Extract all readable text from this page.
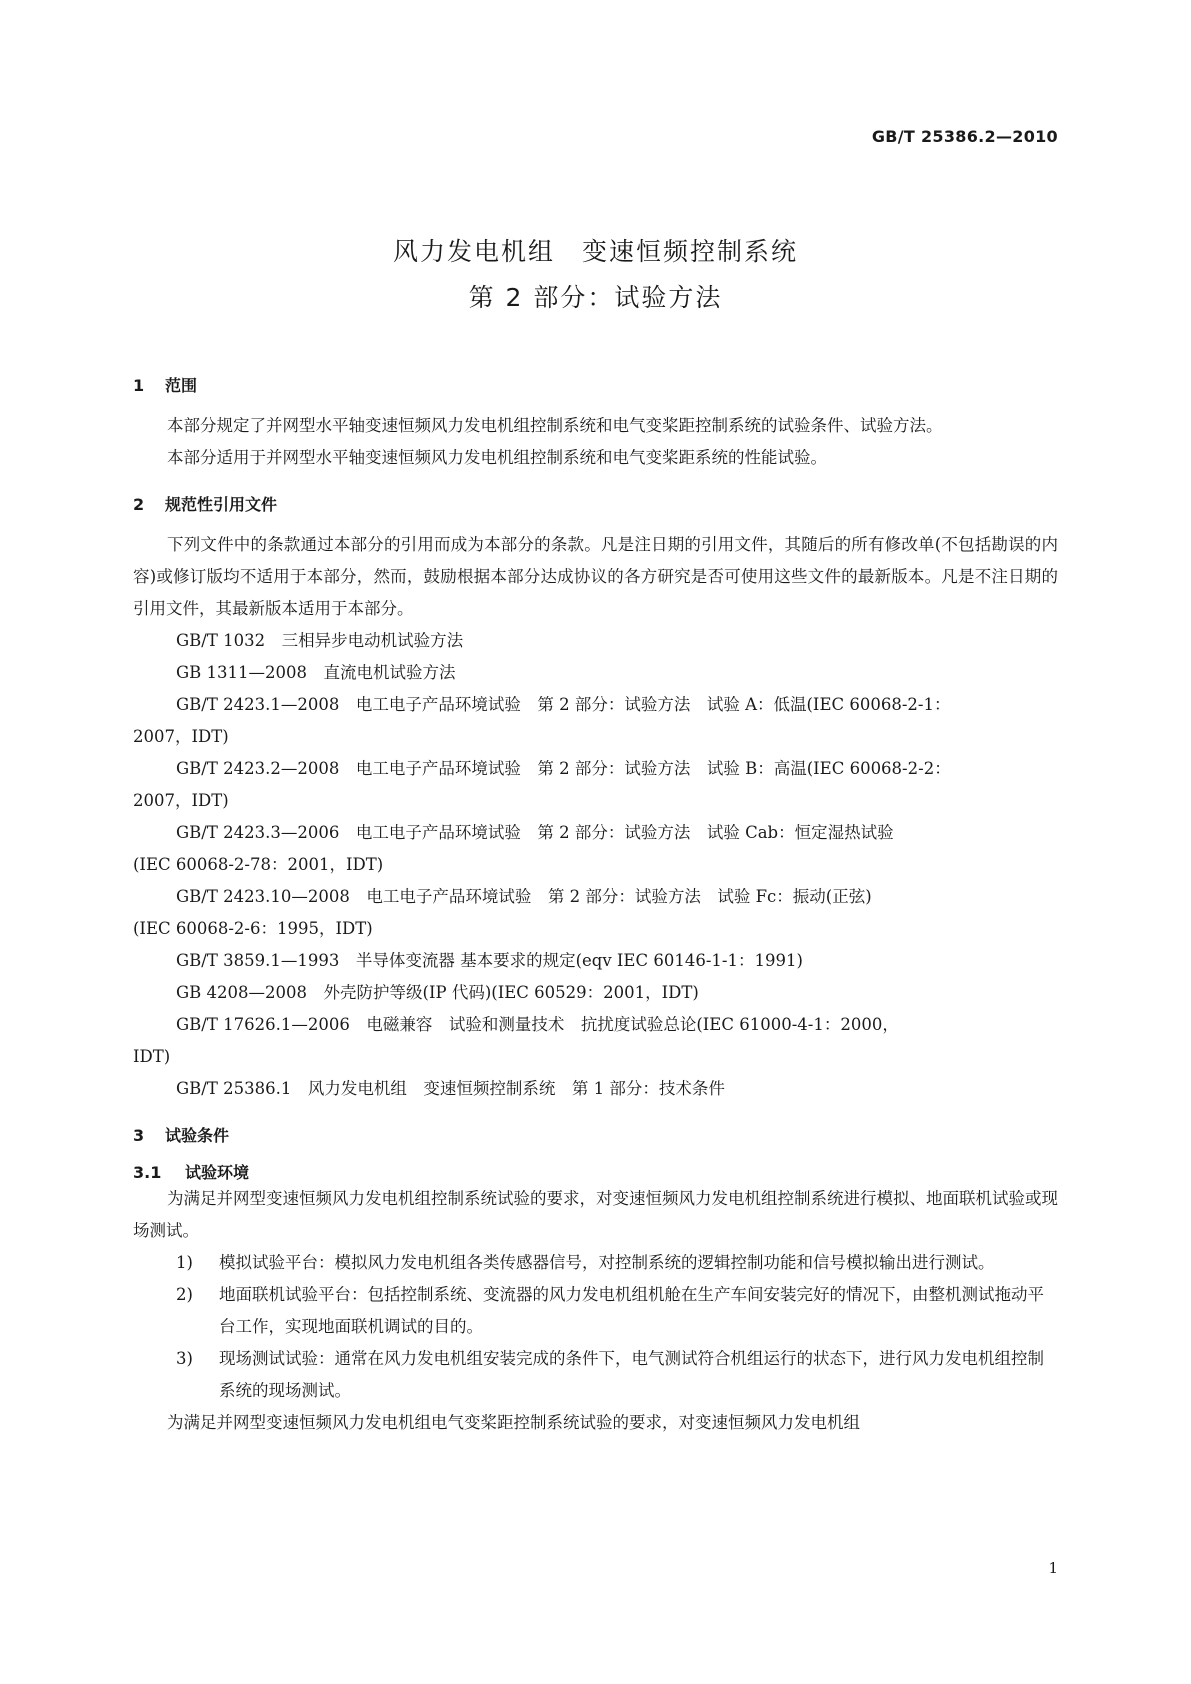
GB/T 25386.2—2010
风力发电机组　变速恒频控制系统
第 2 部分：试验方法
1 范围
本部分规定了并网型水平轴变速恒频风力发电机组控制系统和电气变桨距控制系统的试验条件、试验方法。
本部分适用于并网型水平轴变速恒频风力发电机组控制系统和电气变桨距系统的性能试验。
2 规范性引用文件
下列文件中的条款通过本部分的引用而成为本部分的条款。凡是注日期的引用文件，其随后的所有修改单(不包括勘误的内容)或修订版均不适用于本部分，然而，鼓励根据本部分达成协议的各方研究是否可使用这些文件的最新版本。凡是不注日期的引用文件，其最新版本适用于本部分。
GB/T 1032　三相异步电动机试验方法
GB 1311—2008　直流电机试验方法
GB/T 2423.1—2008　电工电子产品环境试验　第 2 部分：试验方法　试验 A：低温(IEC 60068-2-1：
2007，IDT)
GB/T 2423.2—2008　电工电子产品环境试验　第 2 部分：试验方法　试验 B：高温(IEC 60068-2-2：
2007，IDT)
GB/T 2423.3—2006　电工电子产品环境试验　第 2 部分：试验方法　试验 Cab：恒定湿热试验
(IEC 60068-2-78：2001，IDT)
GB/T 2423.10—2008　电工电子产品环境试验　第 2 部分：试验方法　试验 Fc：振动(正弦)
(IEC 60068-2-6：1995，IDT)
GB/T 3859.1—1993　半导体变流器 基本要求的规定(eqv IEC 60146-1-1：1991)
GB 4208—2008　外壳防护等级(IP 代码)(IEC 60529：2001，IDT)
GB/T 17626.1—2006　电磁兼容　试验和测量技术　抗扰度试验总论(IEC 61000-4-1：2000，
IDT)
GB/T 25386.1　风力发电机组　变速恒频控制系统　第 1 部分：技术条件
3 试验条件
3.1 试验环境
为满足并网型变速恒频风力发电机组控制系统试验的要求，对变速恒频风力发电机组控制系统进行模拟、地面联机试验或现场测试。
1) 模拟试验平台：模拟风力发电机组各类传感器信号，对控制系统的逻辑控制功能和信号模拟输出进行测试。
2) 地面联机试验平台：包括控制系统、变流器的风力发电机组机舱在生产车间安装完好的情况下，由整机测试拖动平台工作，实现地面联机调试的目的。
3) 现场测试试验：通常在风力发电机组安装完成的条件下，电气测试符合机组运行的状态下，进行风力发电机组控制系统的现场测试。
为满足并网型变速恒频风力发电机组电气变桨距控制系统试验的要求，对变速恒频风力发电机组
1
